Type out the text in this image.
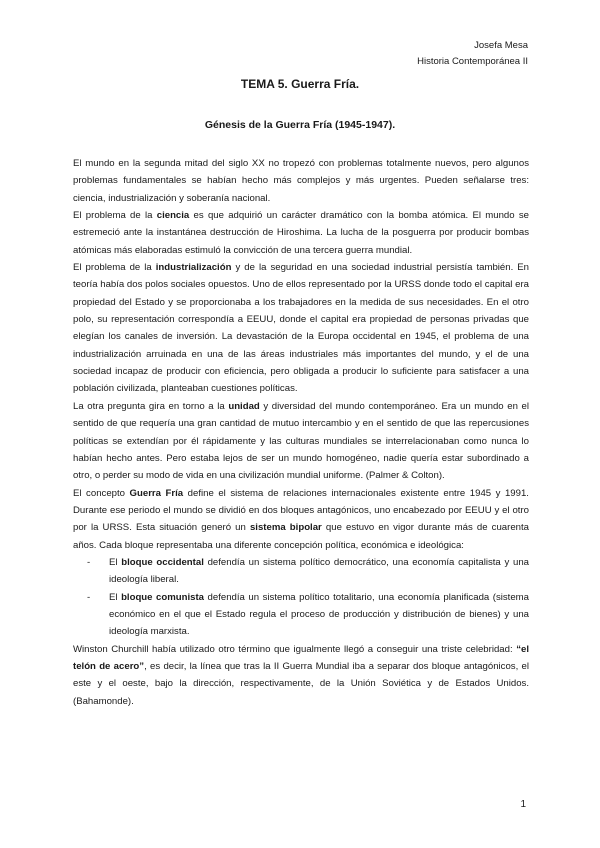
Josefa Mesa
Historia Contemporánea II
TEMA 5. Guerra Fría.
Génesis de la Guerra Fría (1945-1947).

El mundo en la segunda mitad del siglo XX no tropezó con problemas totalmente nuevos, pero algunos problemas fundamentales se habían hecho más complejos y más urgentes. Pueden señalarse tres: ciencia, industrialización y soberanía nacional.

El problema de la ciencia es que adquirió un carácter dramático con la bomba atómica. El mundo se estremeció ante la instantánea destrucción de Hiroshima. La lucha de la posguerra por producir bombas atómicas más elaboradas estimuló la convicción de una tercera guerra mundial.

El problema de la industrialización y de la seguridad en una sociedad industrial persistía también. En teoría había dos polos sociales opuestos. Uno de ellos representado por la URSS donde todo el capital era propiedad del Estado y se proporcionaba a los trabajadores en la medida de sus necesidades. En el otro polo, su representación correspondía a EEUU, donde el capital era propiedad de personas privadas que elegían los canales de inversión. La devastación de la Europa occidental en 1945, el problema de una industrialización arruinada en una de las áreas industriales más importantes del mundo, y el de una sociedad incapaz de producir con eficiencia, pero obligada a producir lo suficiente para satisfacer a una población civilizada, planteaban cuestiones políticas.

La otra pregunta gira en torno a la unidad y diversidad del mundo contemporáneo. Era un mundo en el sentido de que requería una gran cantidad de mutuo intercambio y en el sentido de que las repercusiones políticas se extendían por él rápidamente y las culturas mundiales se interrelacionaban como nunca lo habían hecho antes. Pero estaba lejos de ser un mundo homogéneo, nadie quería estar subordinado a otro, o perder su modo de vida en una civilización mundial uniforme. (Palmer & Colton).

El concepto Guerra Fría define el sistema de relaciones internacionales existente entre 1945 y 1991. Durante ese periodo el mundo se dividió en dos bloques antagónicos, uno encabezado por EEUU y el otro por la URSS. Esta situación generó un sistema bipolar que estuvo en vigor durante más de cuarenta años. Cada bloque representaba una diferente concepción política, económica e ideológica:

- El bloque occidental defendía un sistema político democrático, una economía capitalista y una ideología liberal.
- El bloque comunista defendía un sistema político totalitario, una economía planificada (sistema económico en el que el Estado regula el proceso de producción y distribución de bienes) y una ideología marxista.

Winston Churchill había utilizado otro término que igualmente llegó a conseguir una triste celebridad: “el telón de acero”, es decir, la línea que tras la II Guerra Mundial iba a separar dos bloque antagónicos, el este y el oeste, bajo la dirección, respectivamente, de la Unión Soviética y de Estados Unidos. (Bahamonde).

1
